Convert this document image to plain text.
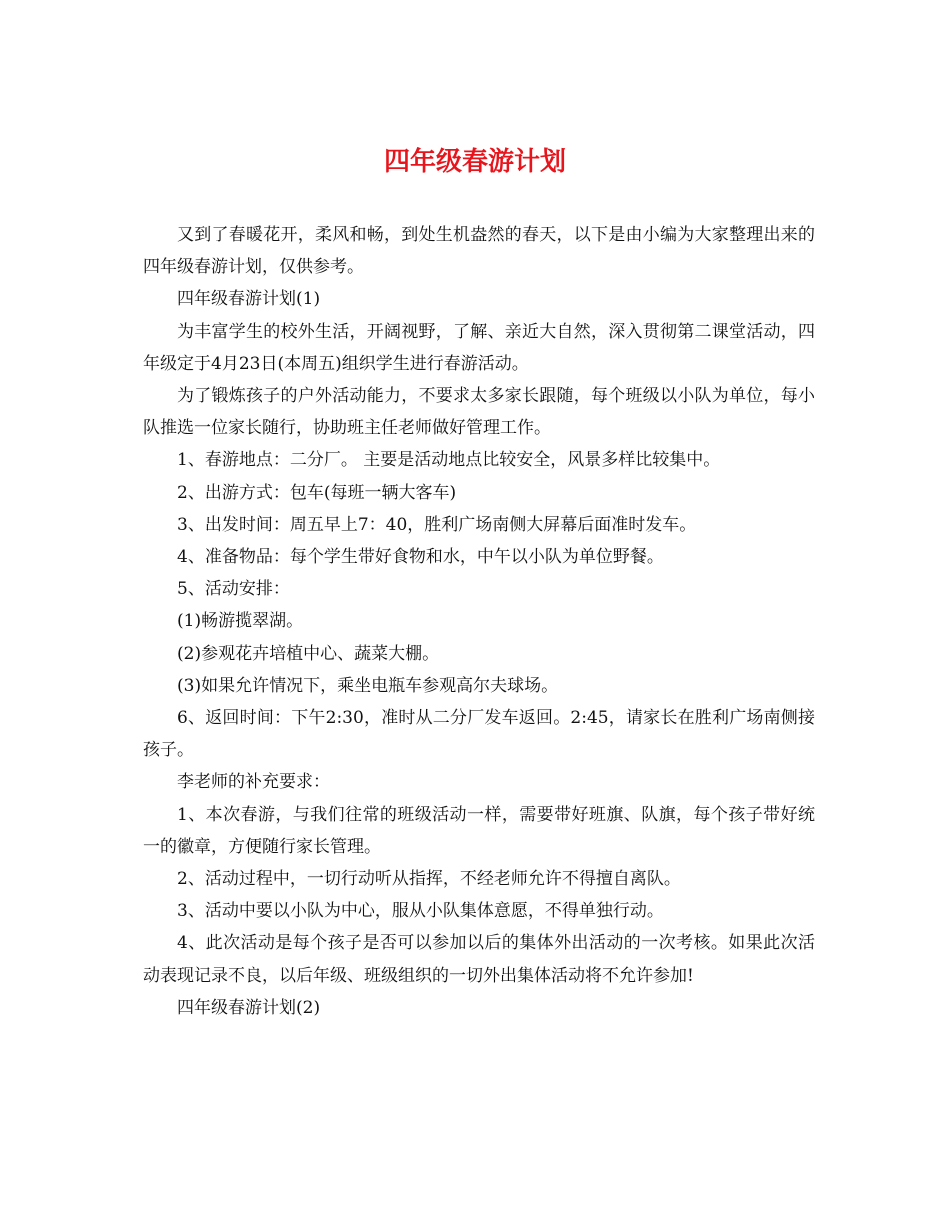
四年级春游计划

又到了春暖花开，柔风和畅，到处生机盎然的春天，以下是由小编为大家整理出来的四年级春游计划，仅供参考。

四年级春游计划(1)

为丰富学生的校外生活，开阔视野，了解、亲近大自然，深入贯彻第二课堂活动，四年级定于4月23日(本周五)组织学生进行春游活动。

为了锻炼孩子的户外活动能力，不要求太多家长跟随，每个班级以小队为单位，每小队推选一位家长随行，协助班主任老师做好管理工作。

1、春游地点：二分厂。 主要是活动地点比较安全，风景多样比较集中。

2、出游方式：包车(每班一辆大客车)

3、出发时间：周五早上7：40，胜利广场南侧大屏幕后面准时发车。

4、准备物品：每个学生带好食物和水，中午以小队为单位野餐。

5、活动安排：

(1)畅游揽翠湖。

(2)参观花卉培植中心、蔬菜大棚。

(3)如果允许情况下，乘坐电瓶车参观高尔夫球场。

6、返回时间：下午2:30，准时从二分厂发车返回。2:45，请家长在胜利广场南侧接孩子。

李老师的补充要求：

1、本次春游，与我们往常的班级活动一样，需要带好班旗、队旗，每个孩子带好统一的徽章，方便随行家长管理。

2、活动过程中，一切行动听从指挥，不经老师允许不得擅自离队。

3、活动中要以小队为中心，服从小队集体意愿，不得单独行动。

4、此次活动是每个孩子是否可以参加以后的集体外出活动的一次考核。如果此次活动表现记录不良，以后年级、班级组织的一切外出集体活动将不允许参加!

四年级春游计划(2)
